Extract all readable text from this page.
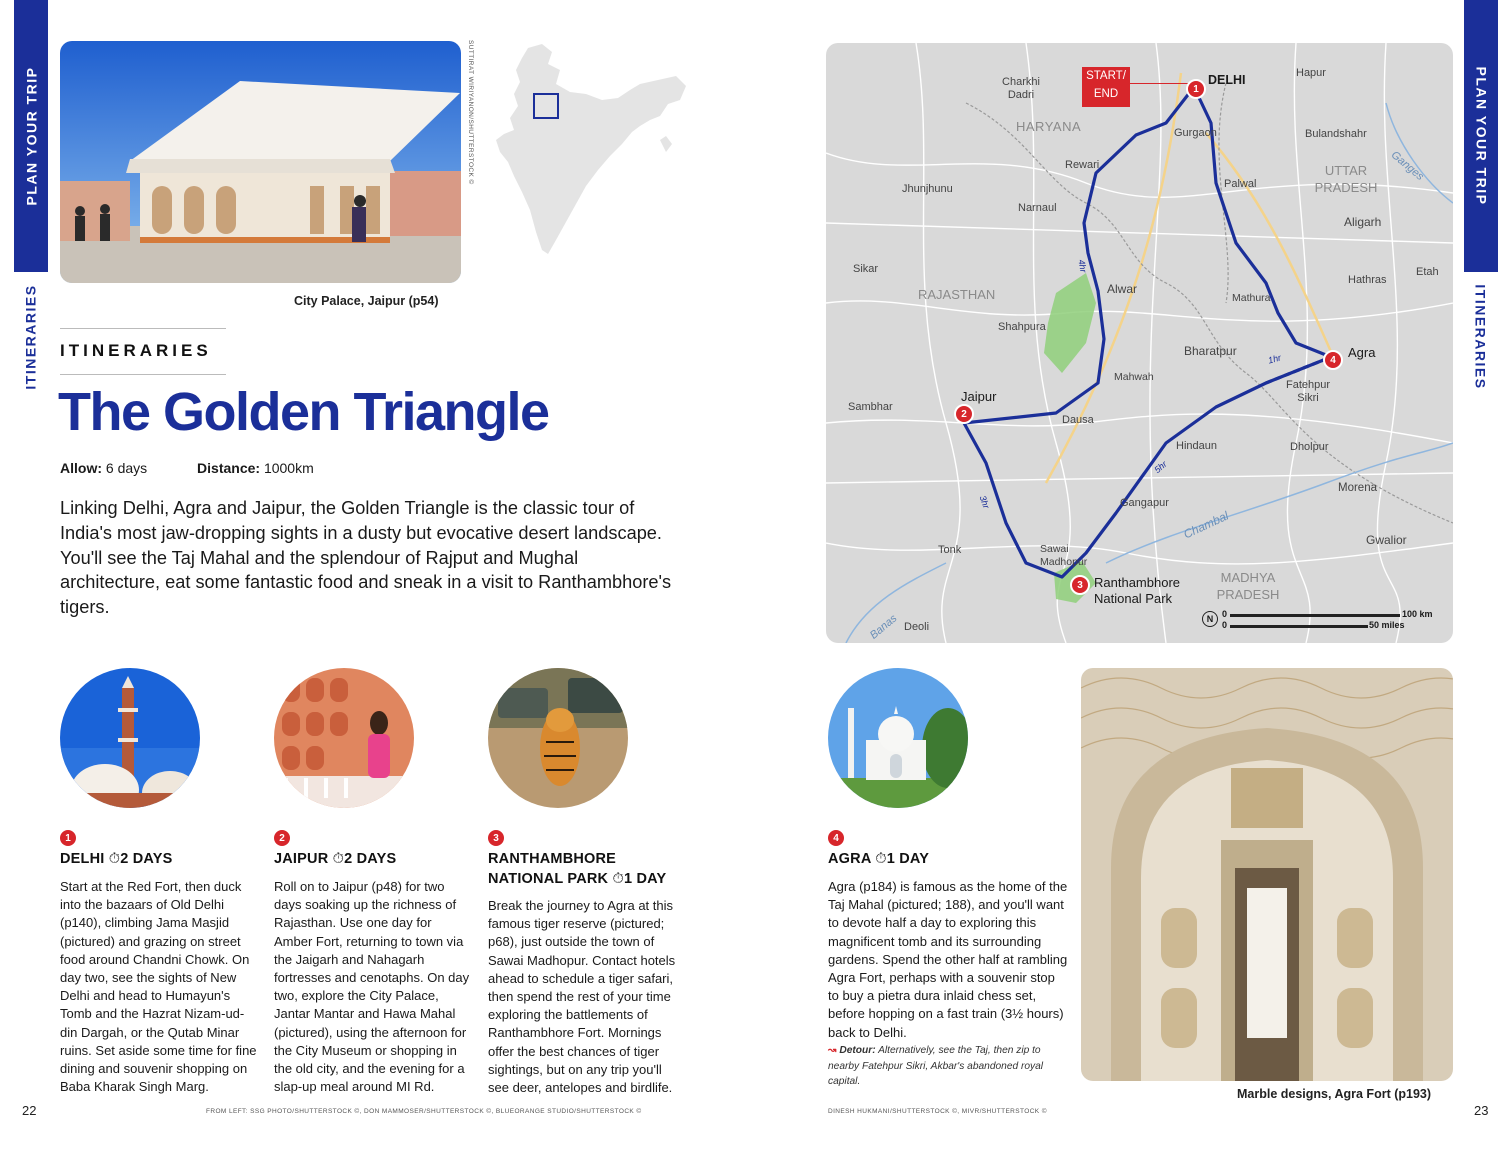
PLAN YOUR TRIP
ITINERARIES
PLAN YOUR TRIP
ITINERARIES
SUTTIRAT WIRIYANON/SHUTTERSTOCK ©
City Palace, Jaipur (p54)
ITINERARIES
The Golden Triangle
Allow: 6 days	Distance: 1000km
Linking Delhi, Agra and Jaipur, the Golden Triangle is the classic tour of India's most jaw-dropping sights in a dusty but evocative desert landscape. You'll see the Taj Mahal and the splendour of Rajput and Mughal architecture, eat some fantastic food and sneak in a visit to Ranthambhore's tigers.
1
DELHI ⏱2 DAYS
Start at the Red Fort, then duck into the bazaars of Old Delhi (p140), climbing Jama Masjid (pictured) and grazing on street food around Chandni Chowk. On day two, see the sights of New Delhi and head to Humayun's Tomb and the Hazrat Nizam-ud-din Dargah, or the Qutab Minar ruins. Set aside some time for fine dining and souvenir shopping on Baba Kharak Singh Marg.
2
JAIPUR ⏱2 DAYS
Roll on to Jaipur (p48) for two days soaking up the richness of Rajasthan. Use one day for Amber Fort, returning to town via the Jaigarh and Nahagarh fortresses and cenotaphs. On day two, explore the City Palace, Jantar Mantar and Hawa Mahal (pictured), using the afternoon for the City Museum or shopping in the old city, and the evening for a slap-up meal around MI Rd.
3
RANTHAMBHORE NATIONAL PARK ⏱1 DAY
Break the journey to Agra at this famous tiger reserve (pictured; p68), just outside the town of Sawai Madhopur. Contact hotels ahead to schedule a tiger safari, then spend the rest of your time exploring the battlements of Ranthambhore Fort. Mornings offer the best chances of tiger sightings, but on any trip you'll see deer, antelopes and birdlife.
4
AGRA ⏱1 DAY
Agra (p184) is famous as the home of the Taj Mahal (pictured; 188), and you'll want to devote half a day to exploring this magnificent tomb and its surrounding gardens. Spend the other half at rambling Agra Fort, perhaps with a souvenir stop to buy a pietra dura inlaid chess set, before hopping on a fast train (3½ hours) back to Delhi.
↝ Detour: Alternatively, see the Taj, then zip to nearby Fatehpur Sikri, Akbar's abandoned royal capital.
Marble designs, Agra Fort (p193)
START/
END	1
DELHI
2
Jaipur
3 Ranthambhore National Park
4 Agra
HARYANA
UTTAR PRADESH
RAJASTHAN
MADHYA PRADESH
Hapur
Charkhi Dadri
Gurgaon	Bulandshahr
Rewari
Palwal
Jhunjhunu
Narnaul
Aligarh
Sikar
Alwar
Hathras
Etah
Mathura
Shahpura
Bharatpur
Mahwah
Fatehpur Sikri
Sambhar
Dausa
Hindaun	Dholpur
Gangapur
Morena
Tonk	Sawai Madhopur
Gwalior
Deoli
Ganges
Chambal
Banas
4hr
3hr
1hr
5hr
N 0	100 km
0	50 miles
22	FROM LEFT: SSG PHOTO/SHUTTERSTOCK ©, DON MAMMOSER/SHUTTERSTOCK ©, BLUEORANGE STUDIO/SHUTTERSTOCK ©	DINESH HUKMANI/SHUTTERSTOCK ©, MIVR/SHUTTERSTOCK ©	23
